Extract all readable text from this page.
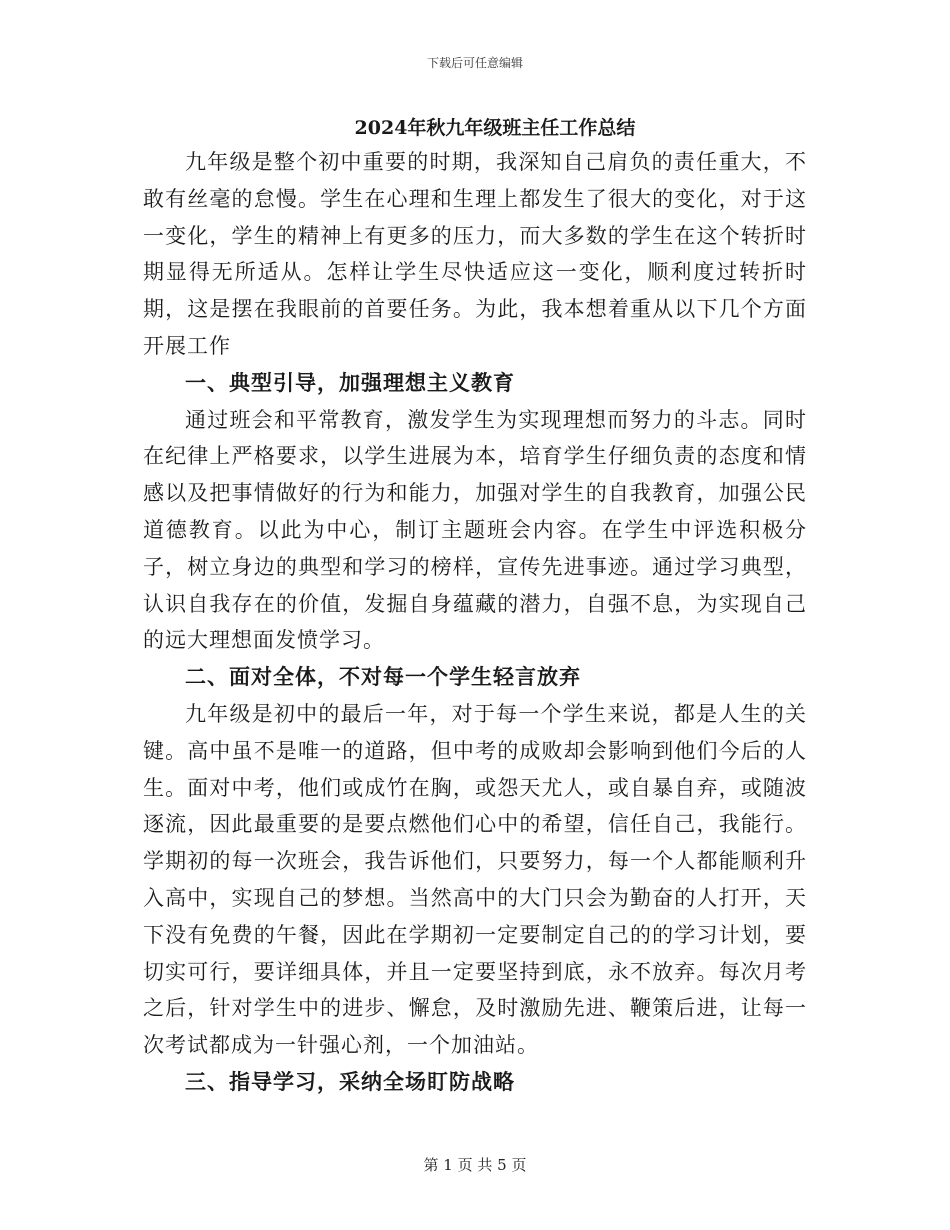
下载后可任意编辑
2024年秋九年级班主任工作总结

九年级是整个初中重要的时期，我深知自己肩负的责任重大，不敢有丝毫的怠慢。学生在心理和生理上都发生了很大的变化，对于这一变化，学生的精神上有更多的压力，而大多数的学生在这个转折时期显得无所适从。怎样让学生尽快适应这一变化，顺利度过转折时期，这是摆在我眼前的首要任务。为此，我本想着重从以下几个方面开展工作

一、典型引导，加强理想主义教育

通过班会和平常教育，激发学生为实现理想而努力的斗志。同时在纪律上严格要求，以学生进展为本，培育学生仔细负责的态度和情感以及把事情做好的行为和能力，加强对学生的自我教育，加强公民道德教育。以此为中心，制订主题班会内容。在学生中评选积极分子，树立身边的典型和学习的榜样，宣传先进事迹。通过学习典型，认识自我存在的价值，发掘自身蕴藏的潜力，自强不息，为实现自己的远大理想面发愤学习。

二、面对全体，不对每一个学生轻言放弃

九年级是初中的最后一年，对于每一个学生来说，都是人生的关键。高中虽不是唯一的道路，但中考的成败却会影响到他们今后的人生。面对中考，他们或成竹在胸，或怨天尤人，或自暴自弃，或随波逐流，因此最重要的是要点燃他们心中的希望，信任自己，我能行。学期初的每一次班会，我告诉他们，只要努力，每一个人都能顺利升入高中，实现自己的梦想。当然高中的大门只会为勤奋的人打开，天下没有免费的午餐，因此在学期初一定要制定自己的的学习计划，要切实可行，要详细具体，并且一定要坚持到底，永不放弃。每次月考之后，针对学生中的进步、懈怠，及时激励先进、鞭策后进，让每一次考试都成为一针强心剂，一个加油站。

三、指导学习，采纳全场盯防战略

第 1 页 共 5 页
